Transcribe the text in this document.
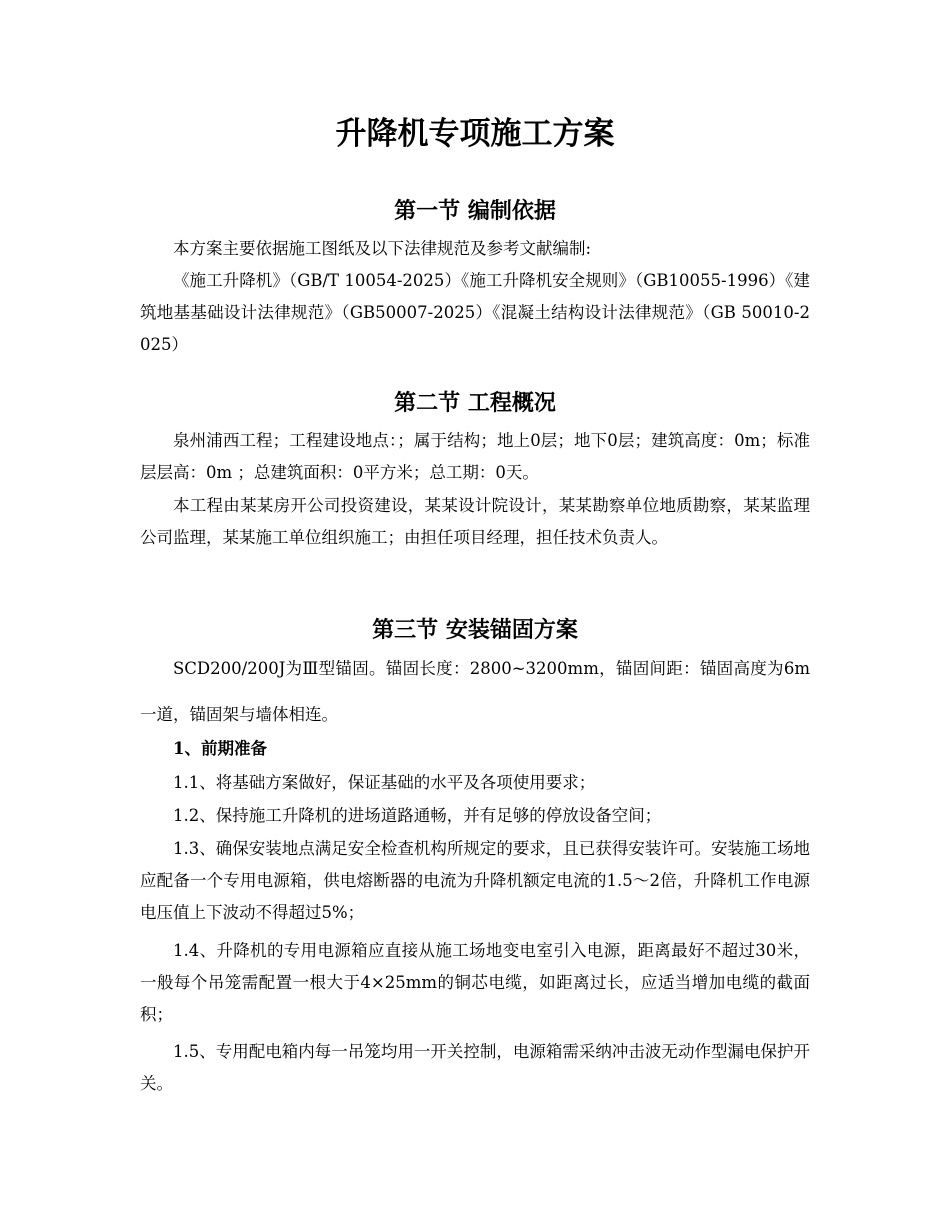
升降机专项施工方案
第一节 编制依据

本方案主要依据施工图纸及以下法律规范及参考文献编制:

《施工升降机》（GB/T 10054-2025）《施工升降机安全规则》（GB10055-1996）《建筑地基基础设计法律规范》（GB50007-2025）《混凝土结构设计法律规范》（GB 50010-2025）

第二节 工程概况

泉州浦西工程；工程建设地点：；属于结构；地上0层；地下0层；建筑高度：0m；标准层层高：0m ；总建筑面积：0平方米；总工期：0天。

本工程由某某房开公司投资建设，某某设计院设计，某某勘察单位地质勘察，某某监理公司监理，某某施工单位组织施工；由担任项目经理，担任技术负责人。

第三节 安装锚固方案

SCD200/200J为Ⅲ型锚固。锚固长度：2800~3200mm，锚固间距：锚固高度为6m一道，锚固架与墙体相连。

1、前期准备

1.1、将基础方案做好，保证基础的水平及各项使用要求；

1.2、保持施工升降机的进场道路通畅，并有足够的停放设备空间；

1.3、确保安装地点满足安全检查机构所规定的要求，且已获得安装许可。安装施工场地应配备一个专用电源箱，供电熔断器的电流为升降机额定电流的1.5～2倍，升降机工作电源电压值上下波动不得超过5%；

1.4、升降机的专用电源箱应直接从施工场地变电室引入电源，距离最好不超过30米，一般每个吊笼需配置一根大于4×25mm的铜芯电缆，如距离过长，应适当增加电缆的截面积；

1.5、专用配电箱内每一吊笼均用一开关控制，电源箱需采纳冲击波无动作型漏电保护开关。
